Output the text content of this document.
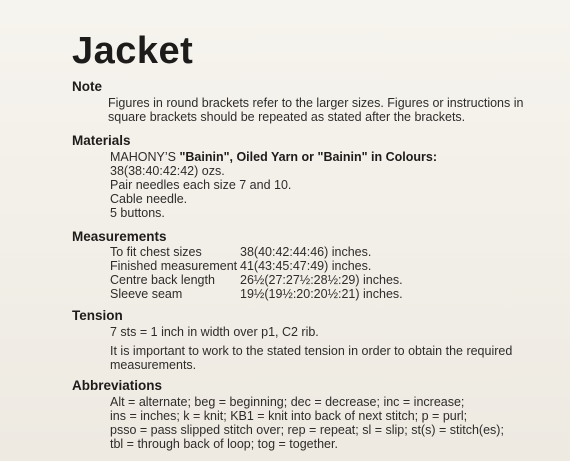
Jacket
Note
Figures in round brackets refer to the larger sizes. Figures or instructions in
square brackets should be repeated as stated after the brackets.
Materials
MAHONY’S "Bainin", Oiled Yarn or "Bainin" in Colours:
38(38:40:42:42) ozs.
Pair needles each size 7 and 10.
Cable needle.
5 buttons.
Measurements
To fit chest sizes	38(40:42:44:46) inches.
Finished measurement 41(43:45:47:49) inches.
Centre back length 26½(27:27½:28½:29) inches.
Sleeve seam	19½(19½:20:20½:21) inches.
Tension
7 sts = 1 inch in width over p1, C2 rib.
It is important to work to the stated tension in order to obtain the required
measurements.
Abbreviations
Alt = alternate; beg = beginning; dec = decrease; inc = increase;
ins = inches; k = knit; KB1 = knit into back of next stitch; p = purl;
psso = pass slipped stitch over; rep = repeat; sl = slip; st(s) = stitch(es);
tbl = through back of loop; tog = together.
